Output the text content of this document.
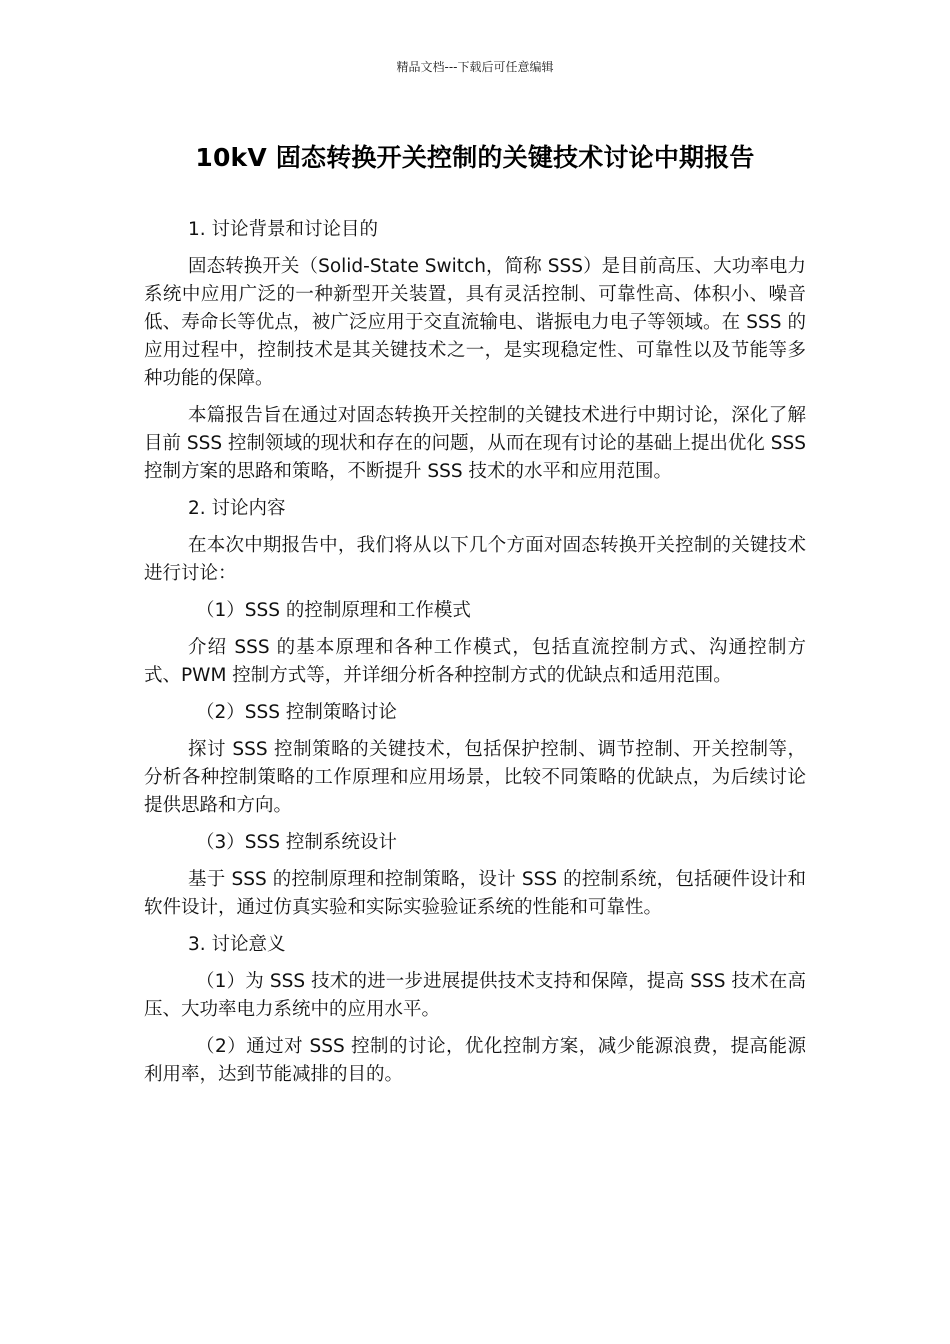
精品文档---下载后可任意编辑
10kV 固态转换开关控制的关键技术讨论中期报告

1. 讨论背景和讨论目的

固态转换开关（Solid-State Switch，简称 SSS）是目前高压、大功率电力系统中应用广泛的一种新型开关装置，具有灵活控制、可靠性高、体积小、噪音低、寿命长等优点，被广泛应用于交直流输电、谐振电力电子等领域。在 SSS 的应用过程中，控制技术是其关键技术之一，是实现稳定性、可靠性以及节能等多种功能的保障。

本篇报告旨在通过对固态转换开关控制的关键技术进行中期讨论，深化了解目前 SSS 控制领域的现状和存在的问题，从而在现有讨论的基础上提出优化 SSS 控制方案的思路和策略，不断提升 SSS 技术的水平和应用范围。

2. 讨论内容

在本次中期报告中，我们将从以下几个方面对固态转换开关控制的关键技术进行讨论：

（1）SSS 的控制原理和工作模式

介绍 SSS 的基本原理和各种工作模式，包括直流控制方式、沟通控制方式、PWM 控制方式等，并详细分析各种控制方式的优缺点和适用范围。

（2）SSS 控制策略讨论

探讨 SSS 控制策略的关键技术，包括保护控制、调节控制、开关控制等，分析各种控制策略的工作原理和应用场景，比较不同策略的优缺点，为后续讨论提供思路和方向。

（3）SSS 控制系统设计

基于 SSS 的控制原理和控制策略，设计 SSS 的控制系统，包括硬件设计和软件设计，通过仿真实验和实际实验验证系统的性能和可靠性。

3. 讨论意义

（1）为 SSS 技术的进一步进展提供技术支持和保障，提高 SSS 技术在高压、大功率电力系统中的应用水平。

（2）通过对 SSS 控制的讨论，优化控制方案，减少能源浪费，提高能源利用率，达到节能减排的目的。
